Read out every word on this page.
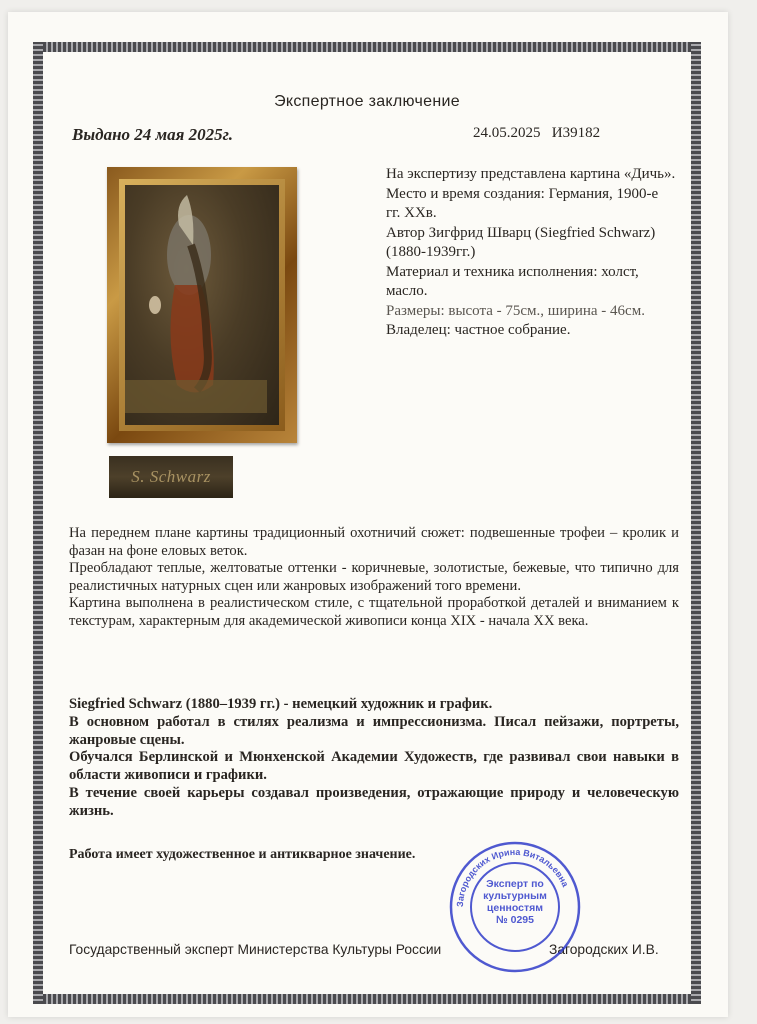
Экспертное заключение
Выдано 24 мая 2025г.	24.05.2025   И39182
S. Schwarz

На экспертизу представлена картина «Дичь».

Место и время создания: Германия, 1900-е гг. XXв.

Автор Зигфрид Шварц (Siegfried Schwarz) (1880-1939гг.)

Материал и техника исполнения: холст, масло.

Размеры: высота - 75см., ширина - 46см.

Владелец: частное собрание.

На переднем плане картины традиционный охотничий сюжет: подвешенные трофеи – кролик и фазан на фоне еловых веток.

Преобладают теплые, желтоватые оттенки - коричневые, золотистые, бежевые, что типично для реалистичных натурных сцен или жанровых изображений того времени.

Картина выполнена в реалистическом стиле, с тщательной проработкой деталей и вниманием к текстурам, характерным для академической живописи конца XIX - начала XX века.

Siegfried Schwarz (1880–1939 гг.) - немецкий художник и график.

В основном работал в стилях реализма и импрессионизма. Писал пейзажи, портреты, жанровые сцены.

Обучался Берлинской и Мюнхенской Академии Художеств, где развивал свои навыки в области живописи и графики.

В течение своей карьеры создавал произведения, отражающие природу и человеческую жизнь.

Работа имеет художественное и антикварное значение.
Государственный эксперт Министерства Культуры России	Загородских И.В.
Загородских Ирина Витальевна
Эксперт по
культурным
ценностям
№ 0295
